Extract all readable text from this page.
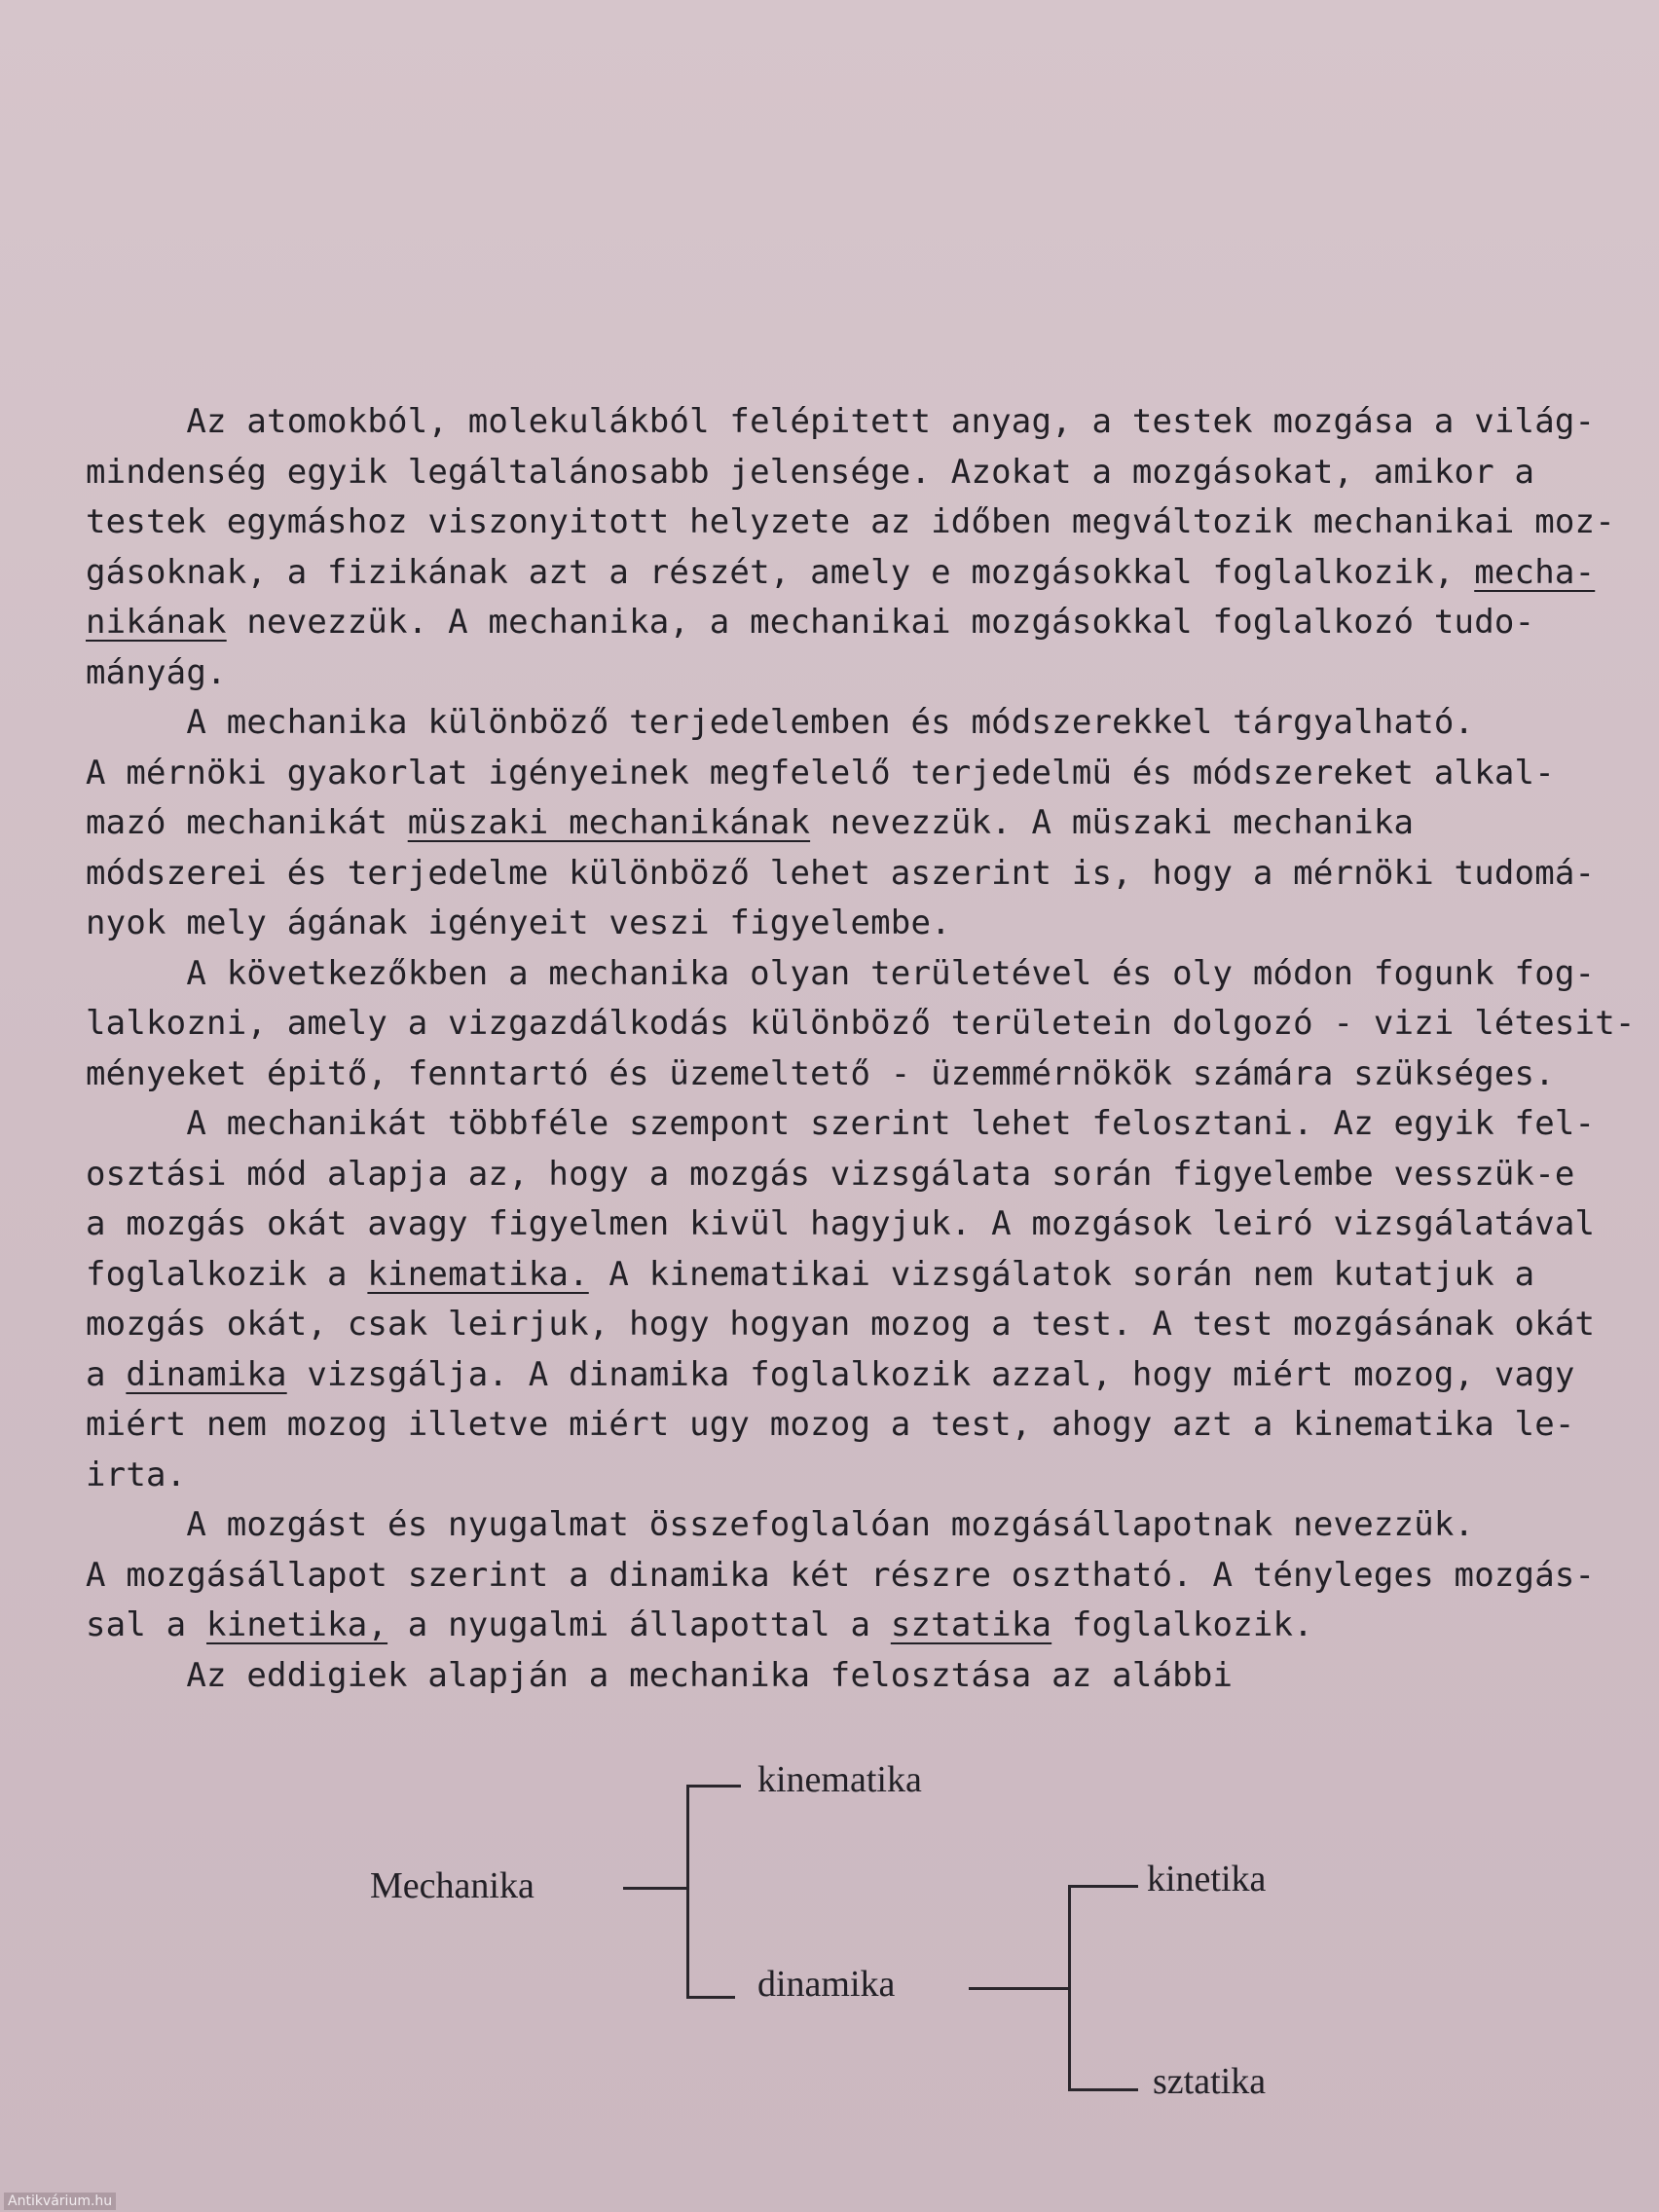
Az atomokból, molekulákból felépitett anyag, a testek mozgása a világ-
mindenség egyik legáltalánosabb jelensége. Azokat a mozgásokat, amikor a
testek egymáshoz viszonyitott helyzete az időben megváltozik mechanikai moz-
gásoknak, a fizikának azt a részét, amely e mozgásokkal foglalkozik, mecha-
nikának nevezzük. A mechanika, a mechanikai mozgásokkal foglalkozó tudo-
mányág.
A mechanika különböző terjedelemben és módszerekkel tárgyalható.
A mérnöki gyakorlat igényeinek megfelelő terjedelmü és módszereket alkal-
mazó mechanikát müszaki mechanikának nevezzük. A müszaki mechanika
módszerei és terjedelme különböző lehet aszerint is, hogy a mérnöki tudomá-
nyok mely ágának igényeit veszi figyelembe.
A következőkben a mechanika olyan területével és oly módon fogunk fog-
lalkozni, amely a vizgazdálkodás különböző területein dolgozó - vizi létesit-
ményeket épitő, fenntartó és üzemeltető - üzemmérnökök számára szükséges.
A mechanikát többféle szempont szerint lehet felosztani. Az egyik fel-
osztási mód alapja az, hogy a mozgás vizsgálata során figyelembe vesszük-e
a mozgás okát avagy figyelmen kivül hagyjuk. A mozgások leiró vizsgálatával
foglalkozik a kinematika. A kinematikai vizsgálatok során nem kutatjuk a
mozgás okát, csak leirjuk, hogy hogyan mozog a test. A test mozgásának okát
a dinamika vizsgálja. A dinamika foglalkozik azzal, hogy miért mozog, vagy
miért nem mozog illetve miért ugy mozog a test, ahogy azt a kinematika le-
irta.
A mozgást és nyugalmat összefoglalóan mozgásállapotnak nevezzük.
A mozgásállapot szerint a dinamika két részre osztható. A tényleges mozgás-
sal a kinetika, a nyugalmi állapottal a sztatika foglalkozik.
Az eddigiek alapján a mechanika felosztása az alábbi
Mechanika
kinematika
dinamika
kinetika
sztatika
Antikvárium.hu
